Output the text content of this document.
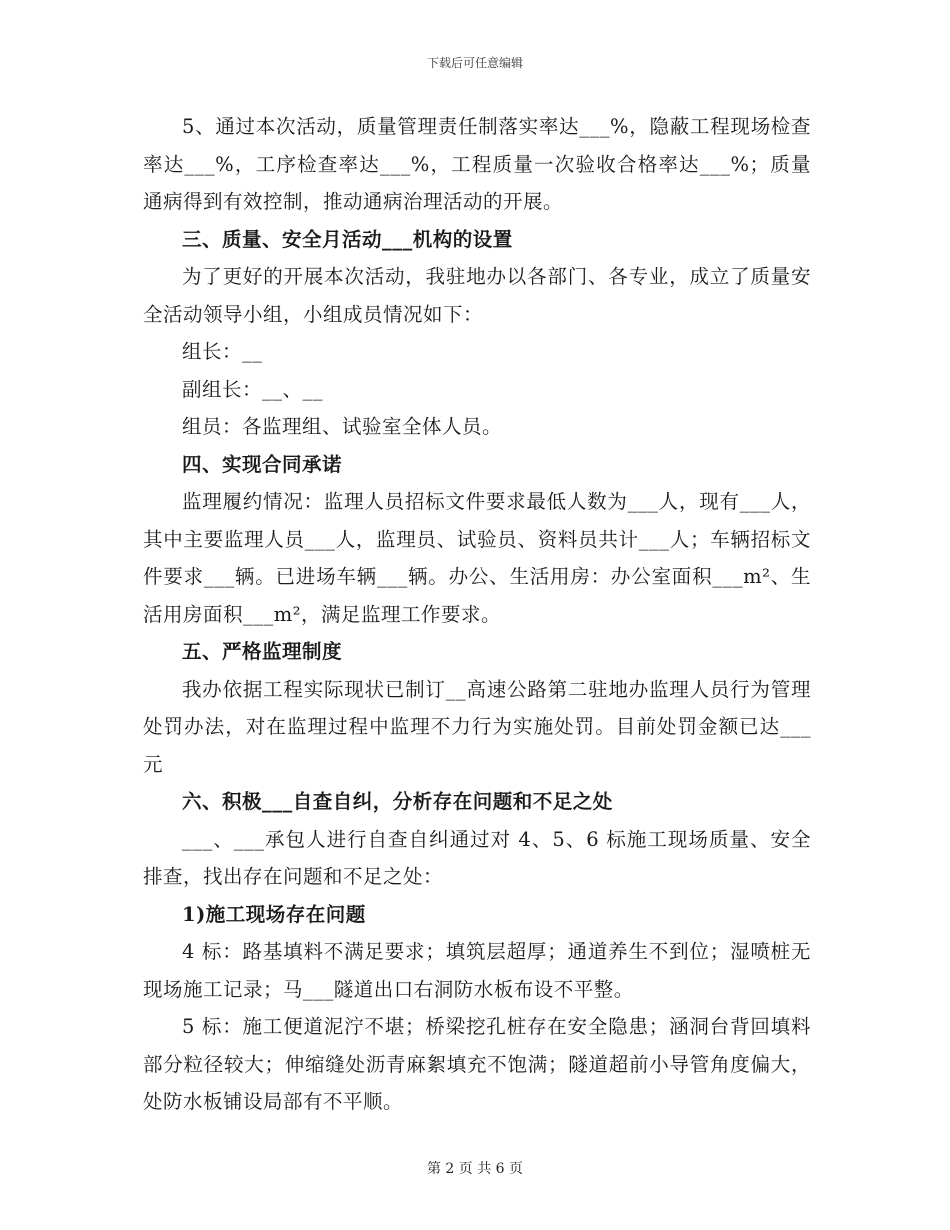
下载后可任意编辑

5、通过本次活动，质量管理责任制落实率达___%，隐蔽工程现场检查率达___%，工序检查率达___%，工程质量一次验收合格率达___%；质量通病得到有效控制，推动通病治理活动的开展。

三、质量、安全月活动___机构的设置

为了更好的开展本次活动，我驻地办以各部门、各专业，成立了质量安全活动领导小组，小组成员情况如下：

组长：__

副组长：__、__

组员：各监理组、试验室全体人员。

四、实现合同承诺

监理履约情况：监理人员招标文件要求最低人数为___人，现有___人，其中主要监理人员___人，监理员、试验员、资料员共计___人；车辆招标文件要求___辆。已进场车辆___辆。办公、生活用房：办公室面积___m²、生活用房面积___m²，满足监理工作要求。

五、严格监理制度

我办依据工程实际现状已制订__高速公路第二驻地办监理人员行为管理处罚办法，对在监理过程中监理不力行为实施处罚。目前处罚金额已达___元

六、积极___自查自纠，分析存在问题和不足之处

___、___承包人进行自查自纠通过对 4、5、6 标施工现场质量、安全排查，找出存在问题和不足之处：

1)施工现场存在问题

4 标：路基填料不满足要求；填筑层超厚；通道养生不到位；湿喷桩无现场施工记录；马___隧道出口右洞防水板布设不平整。

5 标：施工便道泥泞不堪；桥梁挖孔桩存在安全隐患；涵洞台背回填料部分粒径较大；伸缩缝处沥青麻絮填充不饱满；隧道超前小导管角度偏大，处防水板铺设局部有不平顺。

第 2 页 共 6 页
